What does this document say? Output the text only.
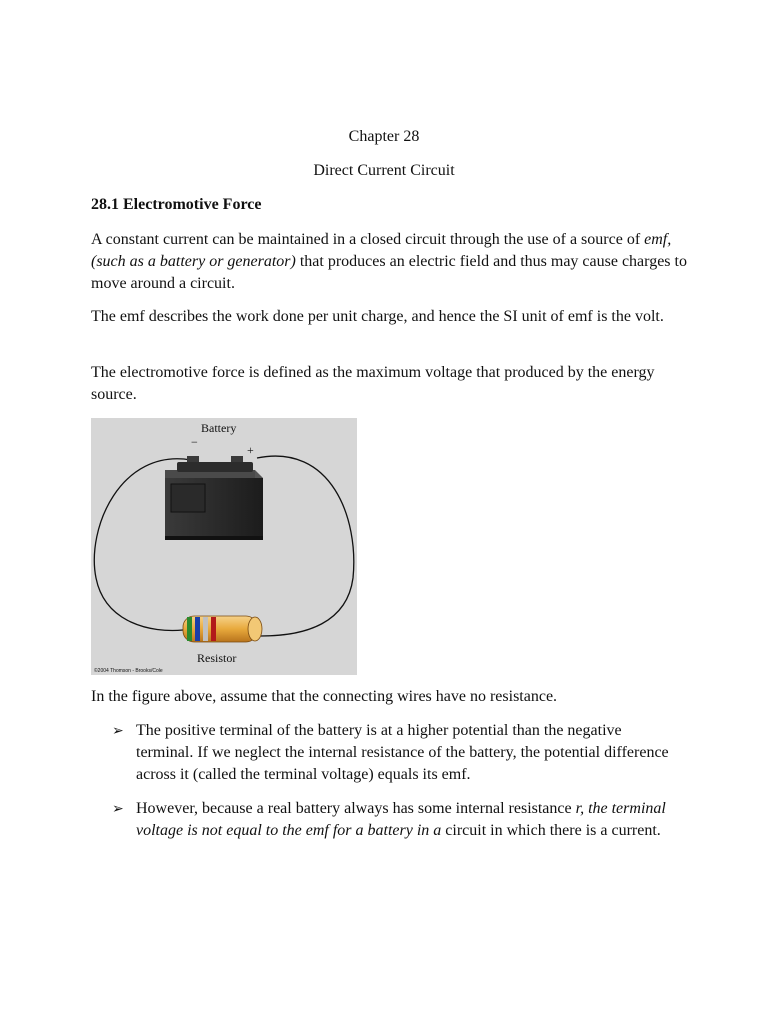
Chapter 28
Direct Current Circuit
28.1 Electromotive Force
A constant current can be maintained in a closed circuit through the use of a source of emf, (such as a battery or generator) that produces an electric field and thus may cause charges to move around a circuit.
The emf describes the work done per unit charge, and hence the SI unit of emf is the volt.
The electromotive force is defined as the maximum voltage that produced by the energy source.
Battery
−
+
Resistor
©2004 Thomson - Brooks/Cole
In the figure above, assume that the connecting wires have no resistance.
➢ The positive terminal of the battery is at a higher potential than the negative terminal. If we neglect the internal resistance of the battery, the potential difference across it (called the terminal voltage) equals its emf.
➢ However, because a real battery always has some internal resistance r, the terminal voltage is not equal to the emf for a battery in a circuit in which there is a current.
